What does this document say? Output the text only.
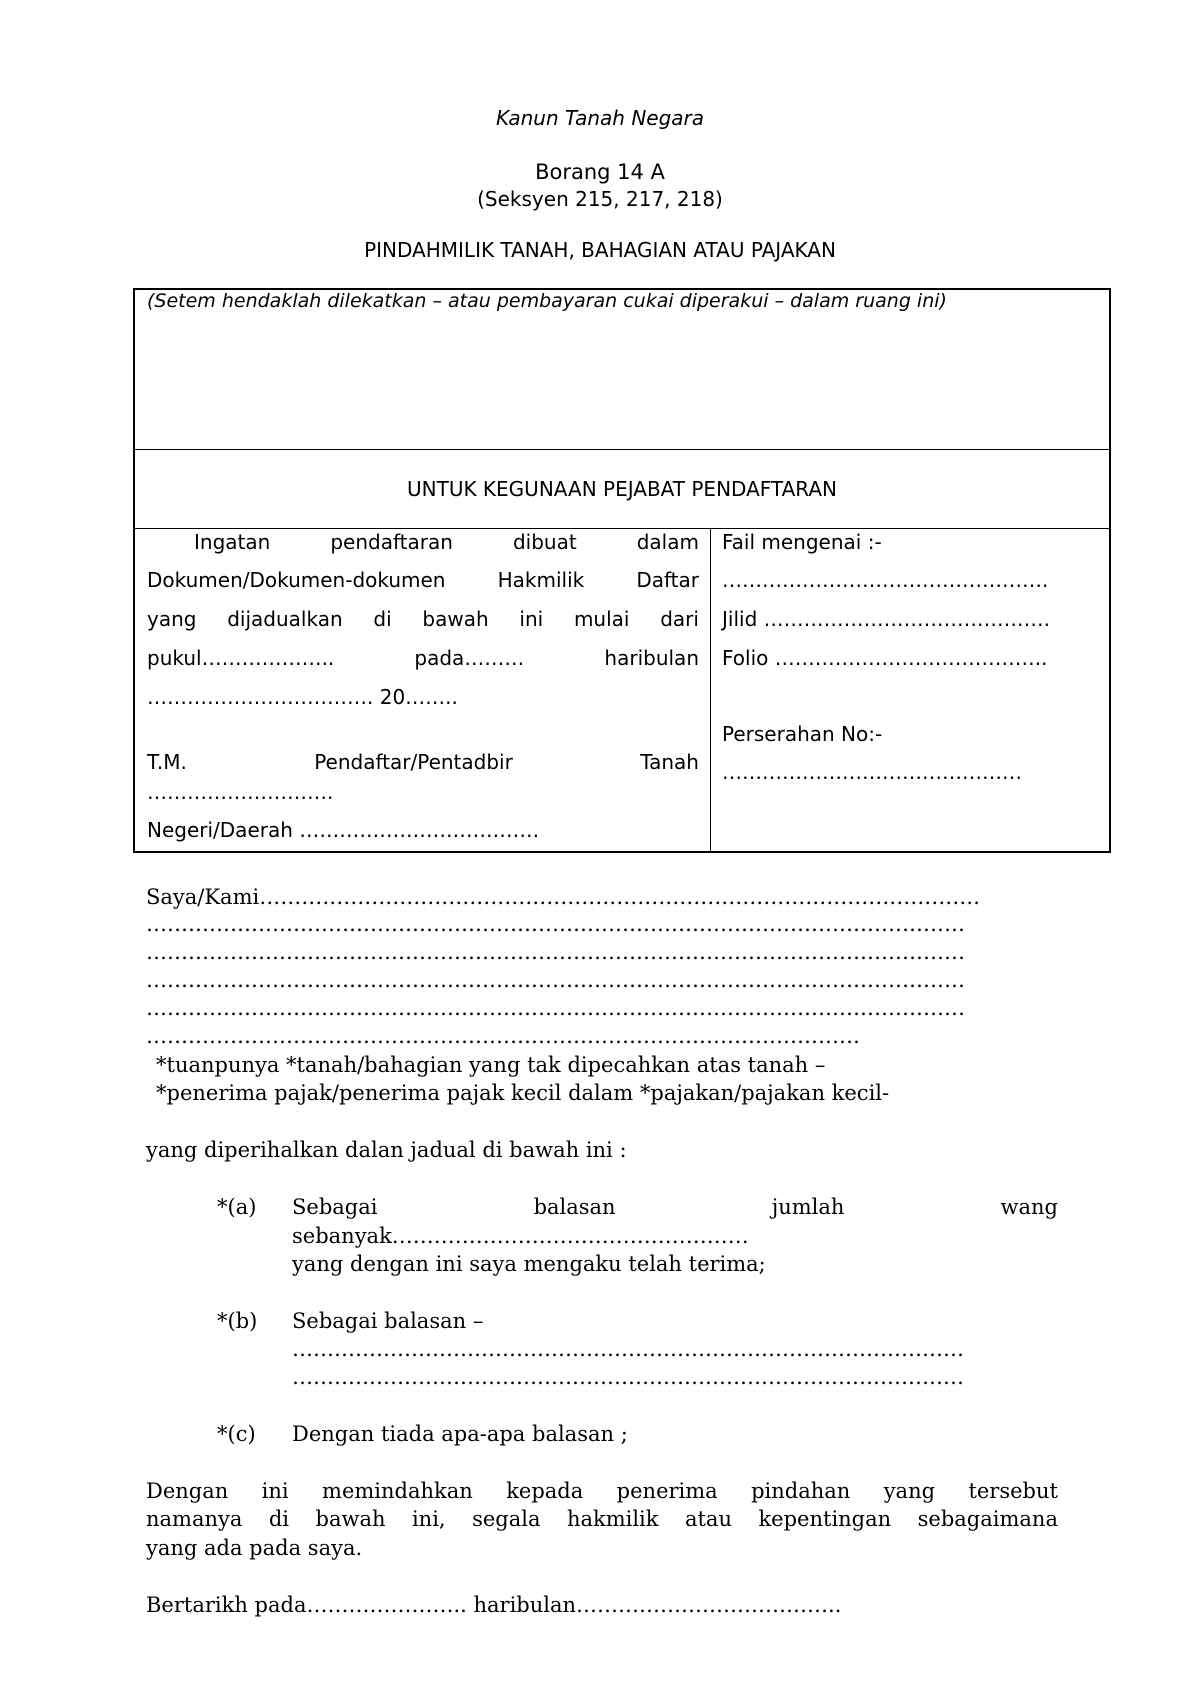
Kanun Tanah Negara
Borang 14 A
(Seksyen 215, 217, 218)
PINDAHMILIK TANAH, BAHAGIAN ATAU PAJAKAN
(Setem hendaklah dilekatkan – atau pembayaran cukai diperakui – dalam ruang ini)
UNTUK KEGUNAAN PEJABAT PENDAFTARAN
Ingatan	pendaftaran	dibuat	dalam
Dokumen/Dokumen-dokumen	Hakmilik	Daftar
yang dijadualkan di bawah ini mulai dari
pukul………………..	pada………	haribulan
……………………………. 20……..
T.M.	Pendaftar/Pentadbir	Tanah
……………………….
Negeri/Daerah ………………………………
Fail mengenai :-
………………………………………….
Jilid …………………………………….
Folio …………………………………..
Perserahan No:-
………………………………………
Saya/Kami………………………………………………………………………………………….
………………………………………………………………………………………………………
………………………………………………………………………………………………………
………………………………………………………………………………………………………
………………………………………………………………………………………………………
…………………………………………………………………………………………
*tuanpunya *tanah/bahagian yang tak dipecahkan atas tanah –
*penerima pajak/penerima pajak kecil dalam *pajakan/pajakan kecil-
yang diperihalkan dalan jadual di bawah ini :
*(a) Sebagai	balasan	jumlah	wang
sebanyak……………………………………………
yang dengan ini saya mengaku telah terima;
*(b) Sebagai balasan –
……………………………………………………………………………………
……………………………………………………………………………………
*(c) Dengan tiada apa-apa balasan ;
Dengan ini memindahkan kepada penerima pindahan yang tersebut
namanya di bawah ini, segala hakmilik atau kepentingan sebagaimana
yang ada pada saya.
Bertarikh pada………………….. haribulan………………………………..
